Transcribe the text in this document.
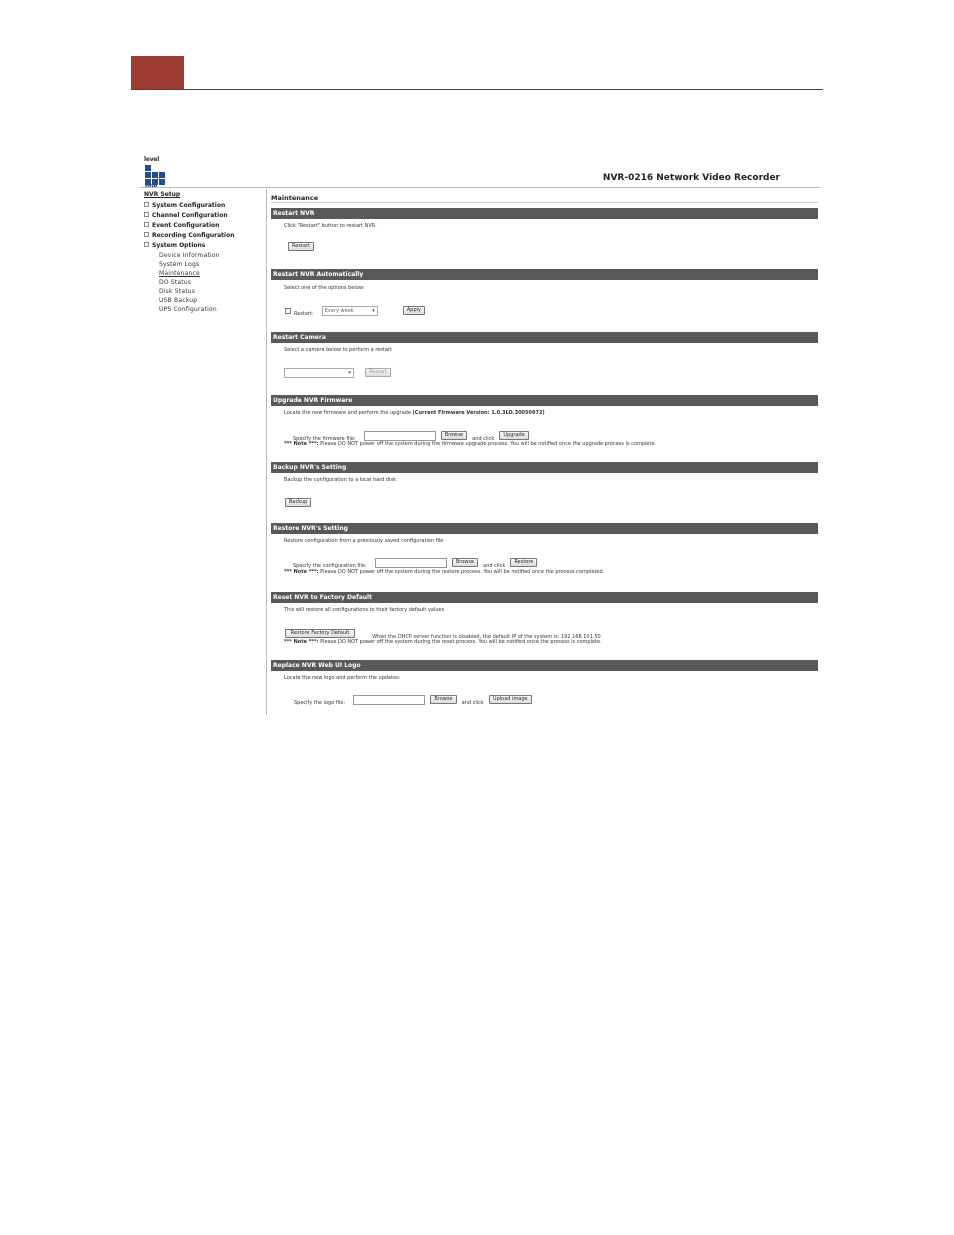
level
NVR-0216 Network Video Recorder
NVR Setup
System Configuration
Channel Configuration
Event Configuration
Recording Configuration
System Options
Device Information
System Logs
Maintenance
DO Status
Disk Status
USB Backup
UPS Configuration
Maintenance
Restart NVR
Click "Restart" button to restart NVR.
Restart
Restart NVR Automatically
Select one of the options below:
Restart: Every week	▾	Apply
Restart Camera
Select a camera below to perform a restart
▾	Restart
Upgrade NVR Firmware
Locate the new firmware and perform the upgrade (Current Firmware Version: 1.0.3LO.30050972)
Specify the firmware file:  Browse and click Upgrade
*** Note ***: Please DO NOT power off the system during the firmware upgrade process. You will be notified once the upgrade process is complete.
Backup NVR's Setting
Backup the configuration to a local hard disk
Backup
Restore NVR's Setting
Restore configuration from a previously saved configuration file
Specify the configuration file:  Browse and click Restore
*** Note ***: Please DO NOT power off the system during the restore process. You will be notified once the process completed.
Reset NVR to Factory Default
This will restore all configurations to their factory default values
Restore Factory Default When the DHCP server function is disabled, the default IP of the system is: 192.168.101.50
*** Note ***: Please DO NOT power off the system during the reset process. You will be notified once the process is complete.
Replace NVR Web UI Logo
Locate the new logo and perform the updates:
Specify the logo file:  Browse and click Upload image
